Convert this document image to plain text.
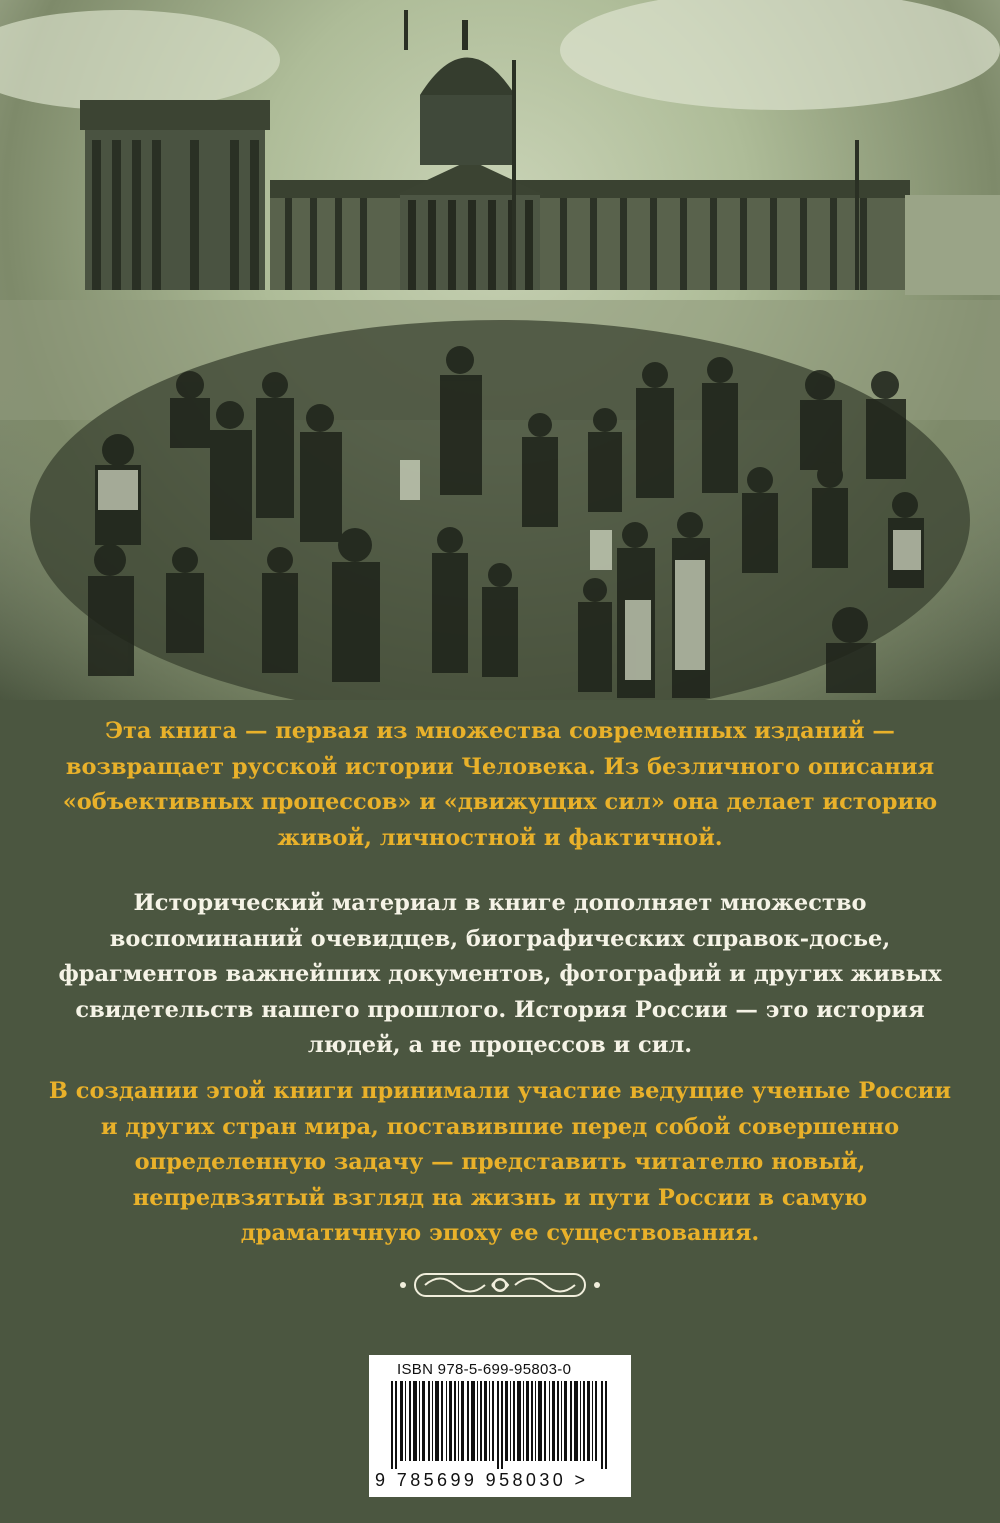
Эта книга — первая из множества современных изданий — возвращает русской истории Человека. Из безличного описания «объективных процессов» и «движущих сил» она делает историю живой, личностной и фактичной.

Исторический материал в книге дополняет множество воспоминаний очевидцев, биографических справок-досье, фрагментов важнейших документов, фотографий и других живых свидетельств нашего прошлого. История России — это история людей, а не процессов и сил.

В создании этой книги принимали участие ведущие ученые России и других стран мира, поставившие перед собой совершенно определенную задачу — представить читателю новый, непредвзятый взгляд на жизнь и пути России в самую драматичную эпоху ее существования.

ISBN 978-5-699-95803-0
9 785699 958030 >
